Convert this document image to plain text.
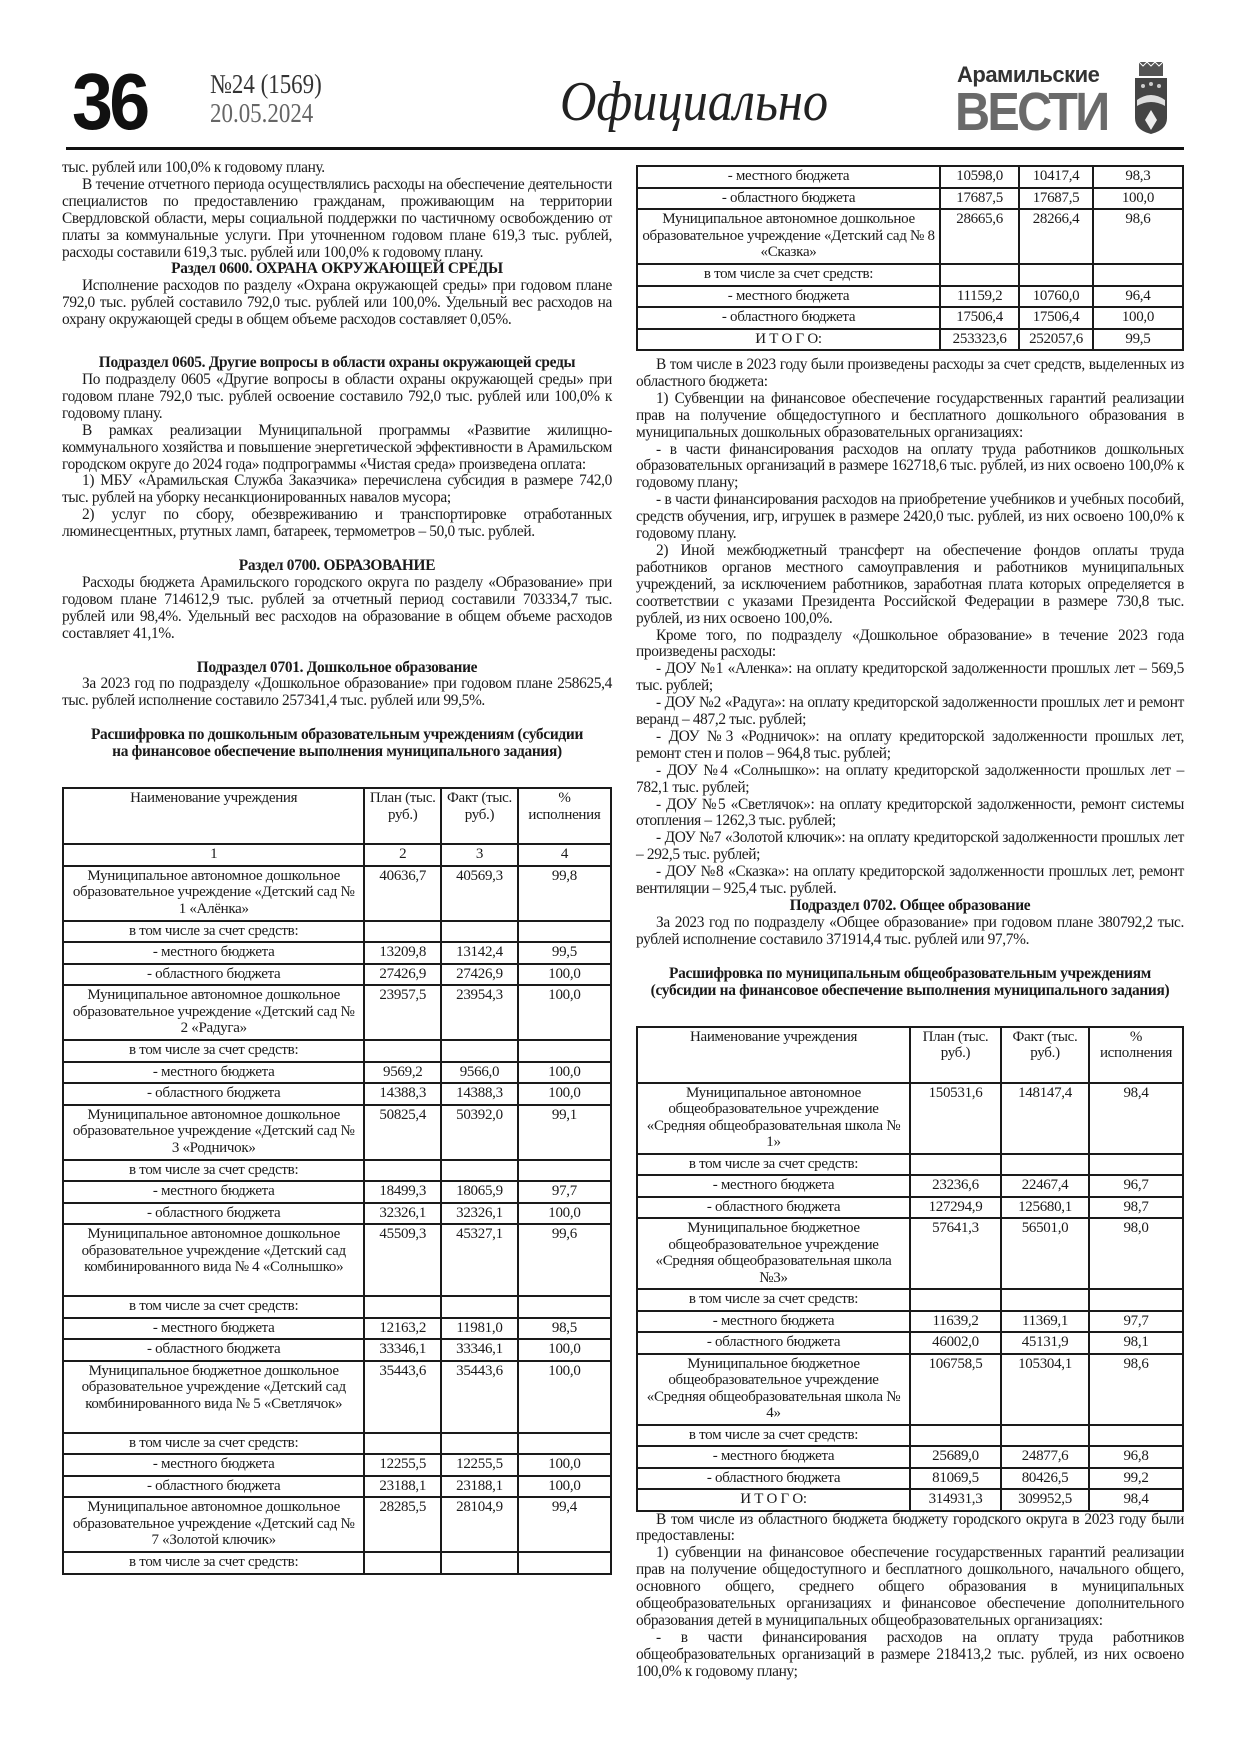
36 №24 (1569)
20.05.2024	Официально	Арамильские
ВЕСТИ

тыс. рублей или 100,0% к годовому плану.

В течение отчетного периода осуществлялись расходы на обеспечение деятельности специалистов по предоставлению гражданам, проживающим на территории Свердловской области, меры социальной поддержки по частичному освобождению от платы за коммунальные услуги. При уточненном годовом плане 619,3 тыс. рублей, расходы составили 619,3 тыс. рублей или 100,0% к годовому плану.

Раздел 0600. ОХРАНА ОКРУЖАЮЩЕЙ СРЕДЫ

Исполнение расходов по разделу «Охрана окружающей среды» при годовом плане 792,0 тыс. рублей составило 792,0 тыс. рублей или 100,0%. Удельный вес расходов на охрану окружающей среды в общем объеме расходов составляет 0,05%.

Подраздел 0605. Другие вопросы в области охраны окружающей среды

По подразделу 0605 «Другие вопросы в области охраны окружающей среды» при годовом плане 792,0 тыс. рублей освоение составило 792,0 тыс. рублей или 100,0% к годовому плану.

В рамках реализации Муниципальной программы «Развитие жилищно-коммунального хозяйства и повышение энергетической эффективности в Арамильском городском округе до 2024 года» подпрограммы «Чистая среда» произведена оплата:

1) МБУ «Арамильская Служба Заказчика» перечислена субсидия в размере 742,0 тыс. рублей на уборку несанкционированных навалов мусора;

2) услуг по сбору, обезвреживанию и транспортировке отработанных люминесцентных, ртутных ламп, батареек, термометров – 50,0 тыс. рублей.

Раздел 0700. ОБРАЗОВАНИЕ

Расходы бюджета Арамильского городского округа по разделу «Образование» при годовом плане 714612,9 тыс. рублей за отчетный период составили 703334,7 тыс. рублей или 98,4%. Удельный вес расходов на образование в общем объеме расходов составляет 41,1%.

Подраздел 0701. Дошкольное образование

За 2023 год по подразделу «Дошкольное образование» при годовом плане 258625,4 тыс. рублей исполнение составило 257341,4 тыс. рублей или 99,5%.

Расшифровка по дошкольным образовательным учреждениям (субсидии на финансовое обеспечение выполнения муниципального задания)
Наименование учреждения	План (тыс. руб.)	Факт (тыс. руб.)	% исполнения
1	2	3	4
Муниципальное автономное дошкольное образовательное учреждение «Детский сад № 1 «Алёнка»	40636,7	40569,3	99,8
в том числе за счет средств:			
- местного бюджета	13209,8	13142,4	99,5
- областного бюджета	27426,9	27426,9	100,0
Муниципальное автономное дошкольное образовательное учреждение «Детский сад № 2 «Радуга»	23957,5	23954,3	100,0
в том числе за счет средств:			
- местного бюджета	9569,2	9566,0	100,0
- областного бюджета	14388,3	14388,3	100,0
Муниципальное автономное дошкольное образовательное учреждение «Детский сад № 3 «Родничок»	50825,4	50392,0	99,1
в том числе за счет средств:			
- местного бюджета	18499,3	18065,9	97,7
- областного бюджета	32326,1	32326,1	100,0
Муниципальное автономное дошкольное образовательное учреждение «Детский сад комбинированного вида № 4 «Солнышко»	45509,3	45327,1	99,6
в том числе за счет средств:			
- местного бюджета	12163,2	11981,0	98,5
- областного бюджета	33346,1	33346,1	100,0
Муниципальное бюджетное дошкольное образовательное учреждение «Детский сад комбинированного вида № 5 «Светлячок»	35443,6	35443,6	100,0
в том числе за счет средств:			
- местного бюджета	12255,5	12255,5	100,0
- областного бюджета	23188,1	23188,1	100,0
Муниципальное автономное дошкольное образовательное учреждение «Детский сад № 7 «Золотой ключик»	28285,5	28104,9	99,4
в том числе за счет средств:			
- местного бюджета	10598,0	10417,4	98,3
- областного бюджета	17687,5	17687,5	100,0
Муниципальное автономное дошкольное образовательное учреждение «Детский сад № 8 «Сказка»	28665,6	28266,4	98,6
в том числе за счет средств:			
- местного бюджета	11159,2	10760,0	96,4
- областного бюджета	17506,4	17506,4	100,0
И Т О Г О:	253323,6	252057,6	99,5

В том числе в 2023 году были произведены расходы за счет средств, выделенных из областного бюджета:

1) Субвенции на финансовое обеспечение государственных гарантий реализации прав на получение общедоступного и бесплатного дошкольного образования в муниципальных дошкольных образовательных организациях:

- в части финансирования расходов на оплату труда работников дошкольных образовательных организаций в размере 162718,6 тыс. рублей, из них освоено 100,0% к годовому плану;

- в части финансирования расходов на приобретение учебников и учебных пособий, средств обучения, игр, игрушек в размере 2420,0 тыс. рублей, из них освоено 100,0% к годовому плану.

2) Иной межбюджетный трансферт на обеспечение фондов оплаты труда работников органов местного самоуправления и работников муниципальных учреждений, за исключением работников, заработная плата которых определяется в соответствии с указами Президента Российской Федерации в размере 730,8 тыс. рублей, из них освоено 100,0%.

Кроме того, по подразделу «Дошкольное образование» в течение 2023 года произведены расходы:

- ДОУ №1 «Аленка»: на оплату кредиторской задолженности прошлых лет – 569,5 тыс. рублей;

- ДОУ №2 «Радуга»: на оплату кредиторской задолженности прошлых лет и ремонт веранд – 487,2 тыс. рублей;

- ДОУ №3 «Родничок»: на оплату кредиторской задолженности прошлых лет, ремонт стен и полов – 964,8 тыс. рублей;

- ДОУ №4 «Солнышко»: на оплату кредиторской задолженности прошлых лет – 782,1 тыс. рублей;

- ДОУ №5 «Светлячок»: на оплату кредиторской задолженности, ремонт системы отопления – 1262,3 тыс. рублей;

- ДОУ №7 «Золотой ключик»: на оплату кредиторской задолженности прошлых лет – 292,5 тыс. рублей;

- ДОУ №8 «Сказка»: на оплату кредиторской задолженности прошлых лет, ремонт вентиляции – 925,4 тыс. рублей.

Подраздел 0702. Общее образование

За 2023 год по подразделу «Общее образование» при годовом плане 380792,2 тыс. рублей исполнение составило 371914,4 тыс. рублей или 97,7%.

Расшифровка по муниципальным общеобразовательным учреждениям (субсидии на финансовое обеспечение выполнения муниципального задания)
Наименование учреждения	План (тыс. руб.)	Факт (тыс. руб.)	% исполнения
Муниципальное автономное общеобразовательное учреждение «Средняя общеобразовательная школа № 1»	150531,6	148147,4	98,4
в том числе за счет средств:			
- местного бюджета	23236,6	22467,4	96,7
- областного бюджета	127294,9	125680,1	98,7
Муниципальное бюджетное общеобразовательное учреждение «Средняя общеобразовательная школа №3»	57641,3	56501,0	98,0
в том числе за счет средств:			
- местного бюджета	11639,2	11369,1	97,7
- областного бюджета	46002,0	45131,9	98,1
Муниципальное бюджетное общеобразовательное учреждение «Средняя общеобразовательная школа № 4»	106758,5	105304,1	98,6
в том числе за счет средств:			
- местного бюджета	25689,0	24877,6	96,8
- областного бюджета	81069,5	80426,5	99,2
И Т О Г О:	314931,3	309952,5	98,4

В том числе из областного бюджета бюджету городского округа в 2023 году были предоставлены:

1) субвенции на финансовое обеспечение государственных гарантий реализации прав на получение общедоступного и бесплатного дошкольного, начального общего, основного общего, среднего общего образования в муниципальных общеобразовательных организациях и финансовое обеспечение дополнительного образования детей в муниципальных общеобразовательных организациях:

- в части финансирования расходов на оплату труда работников общеобразовательных организаций в размере 218413,2 тыс. рублей, из них освоено 100,0% к годовому плану;
